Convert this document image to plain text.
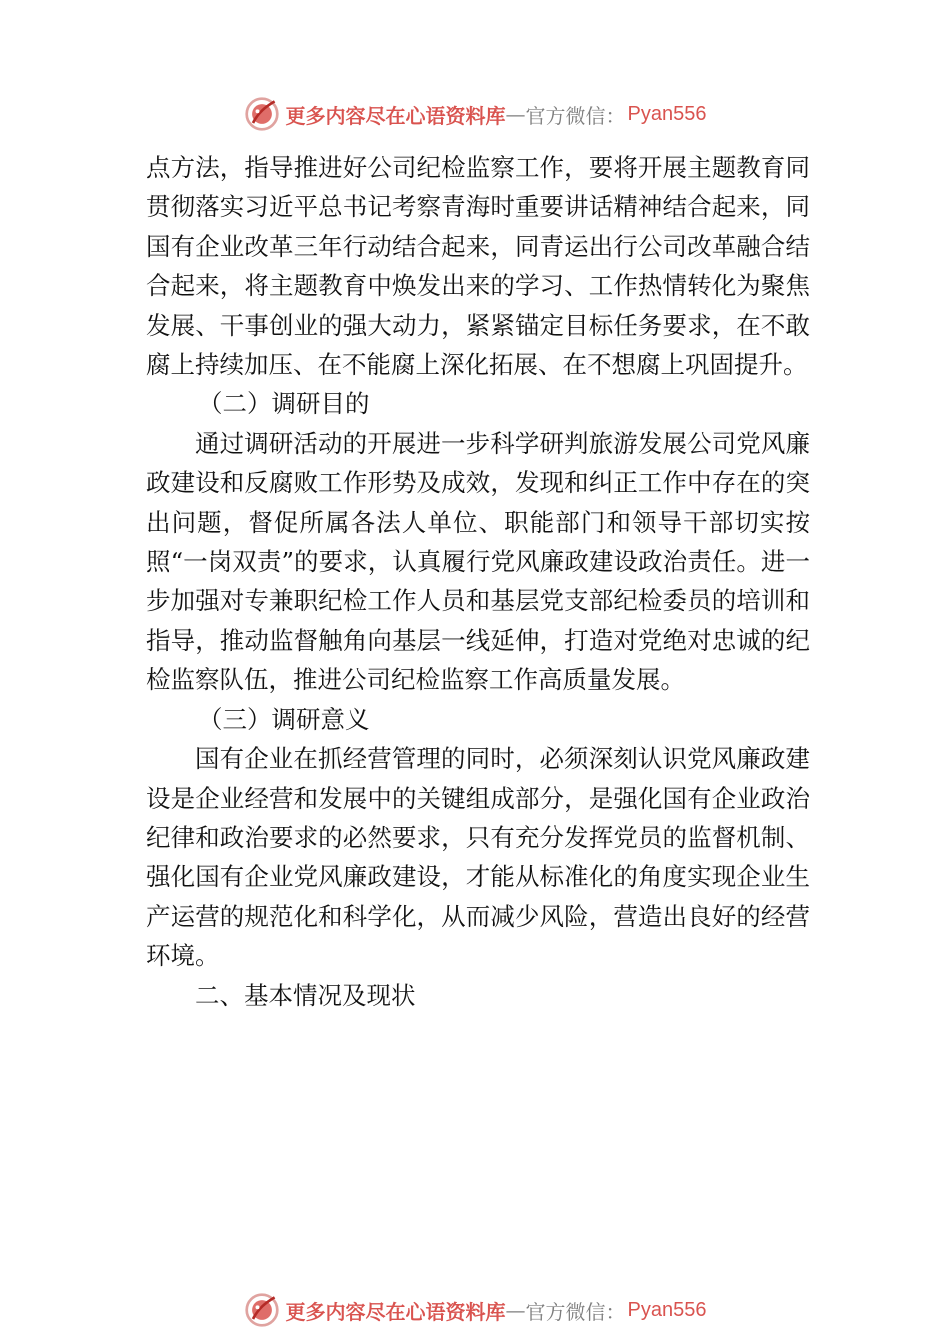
更多内容尽在心语资料库 — 官方微信： Pyan556

点方法，指导推进好公司纪检监察工作，要将开展主题教育同贯彻落实习近平总书记考察青海时重要讲话精神结合起来，同国有企业改革三年行动结合起来，同青运出行公司改革融合结合起来，将主题教育中焕发出来的学习、工作热情转化为聚焦发展、干事创业的强大动力，紧紧锚定目标任务要求，在不敢腐上持续加压、在不能腐上深化拓展、在不想腐上巩固提升。

（二）调研目的

通过调研活动的开展进一步科学研判旅游发展公司党风廉政建设和反腐败工作形势及成效，发现和纠正工作中存在的突出问题，督促所属各法人单位、职能部门和领导干部切实按照“一岗双责”的要求，认真履行党风廉政建设政治责任。进一步加强对专兼职纪检工作人员和基层党支部纪检委员的培训和指导，推动监督触角向基层一线延伸，打造对党绝对忠诚的纪检监察队伍，推进公司纪检监察工作高质量发展。

（三）调研意义

国有企业在抓经营管理的同时，必须深刻认识党风廉政建设是企业经营和发展中的关键组成部分，是强化国有企业政治纪律和政治要求的必然要求，只有充分发挥党员的监督机制、强化国有企业党风廉政建设，才能从标准化的角度实现企业生产运营的规范化和科学化，从而减少风险，营造出良好的经营环境。

二、基本情况及现状

更多内容尽在心语资料库 — 官方微信： Pyan556
